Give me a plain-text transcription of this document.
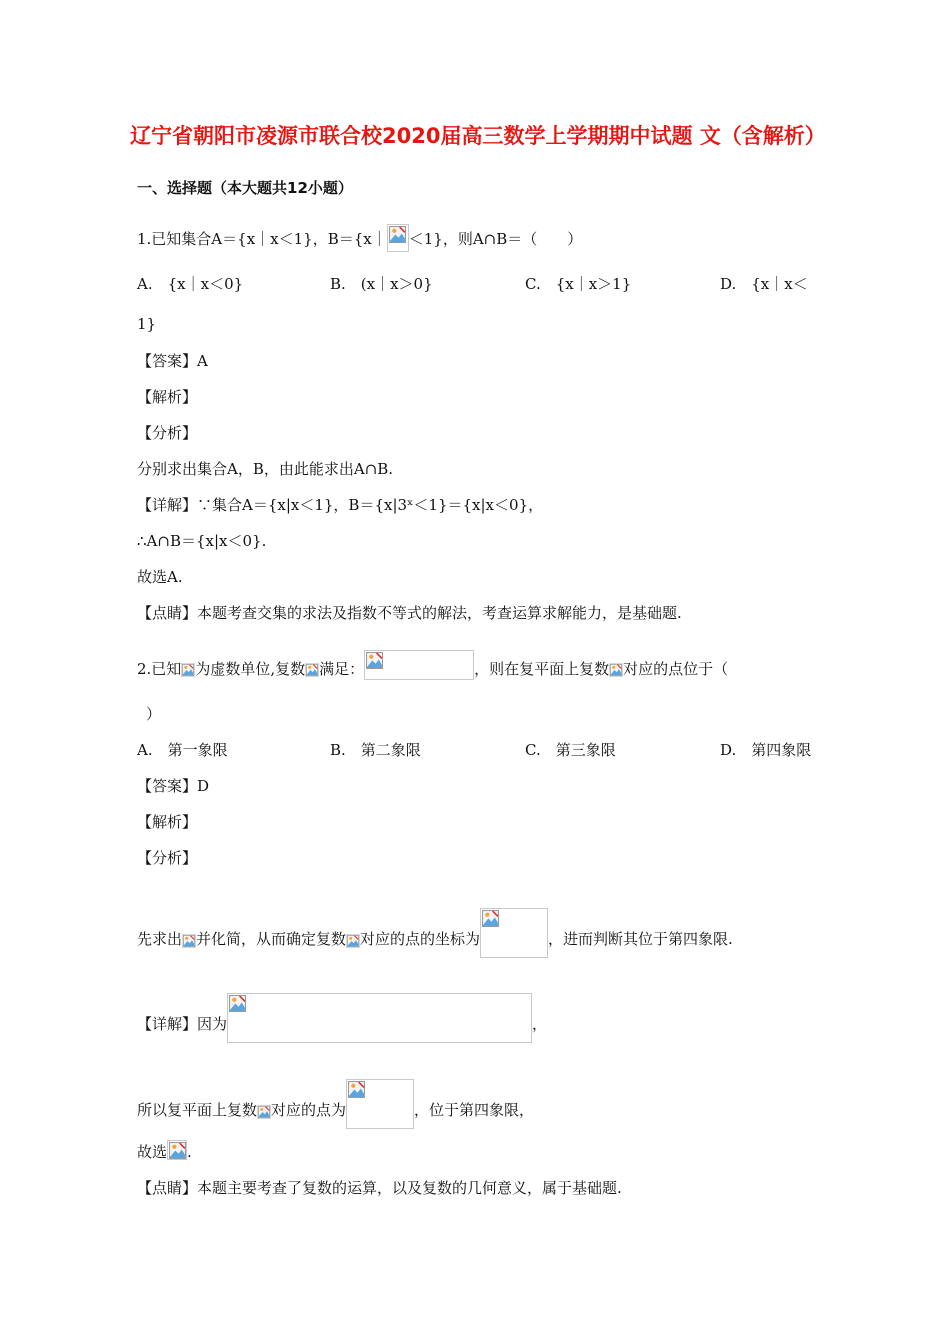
辽宁省朝阳市凌源市联合校2020届高三数学上学期期中试题 文（含解析）
一、选择题（本大题共12小题）
1.已知集合A＝{x｜x＜1}，B＝{x｜ ＜1}，则A∩B＝（　　）
A.　{x｜x＜0}	B.　(x｜x＞0}	C.　{x｜x＞1}	D.　{x｜x＜
1}
【答案】A
【解析】
【分析】
分别求出集合A，B，由此能求出A∩B.
【详解】∵集合A＝{x|x＜1}，B＝{x|3ˣ＜1}＝{x|x＜0}，
∴A∩B＝{x|x＜0}.
故选A.
【点睛】本题考查交集的求法及指数不等式的解法，考查运算求解能力，是基础题.
2.已知 为虚数单位,复数 满足：	，则在复平面上复数 对应的点位于（
）
A.　第一象限	B.　第二象限	C.　第三象限	D.　第四象限
【答案】D
【解析】
【分析】
先求出 并化简，从而确定复数 对应的点的坐标为	，进而判断其位于第四象限.
【详解】因为	，
所以复平面上复数 对应的点为	，位于第四象限，
故选 .
【点睛】本题主要考查了复数的运算，以及复数的几何意义，属于基础题.
